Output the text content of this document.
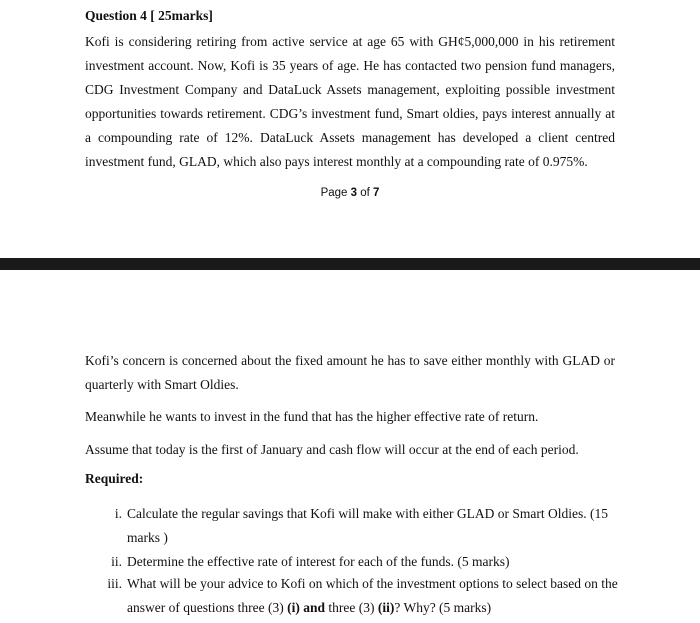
Question 4 [ 25marks]
Kofi is considering retiring from active service at age 65 with GH¢5,000,000 in his retirement investment account. Now, Kofi is 35 years of age. He has contacted two pension fund managers, CDG Investment Company and DataLuck Assets management, exploiting possible investment opportunities towards retirement. CDG’s investment fund, Smart oldies, pays interest annually at a compounding rate of 12%. DataLuck Assets management has developed a client centred investment fund, GLAD, which also pays interest monthly at a compounding rate of 0.975%.
Page 3 of 7
Kofi’s concern is concerned about the fixed amount he has to save either monthly with GLAD or quarterly with Smart Oldies.
Meanwhile he wants to invest in the fund that has the higher effective rate of return.
Assume that today is the first of January and cash flow will occur at the end of each period.
Required:
i. Calculate the regular savings that Kofi will make with either GLAD or Smart Oldies. (15 marks )
ii. Determine the effective rate of interest for each of the funds. (5 marks)
iii. What will be your advice to Kofi on which of the investment options to select based on the answer of questions three (3) (i) and three (3) (ii)? Why? (5 marks)
